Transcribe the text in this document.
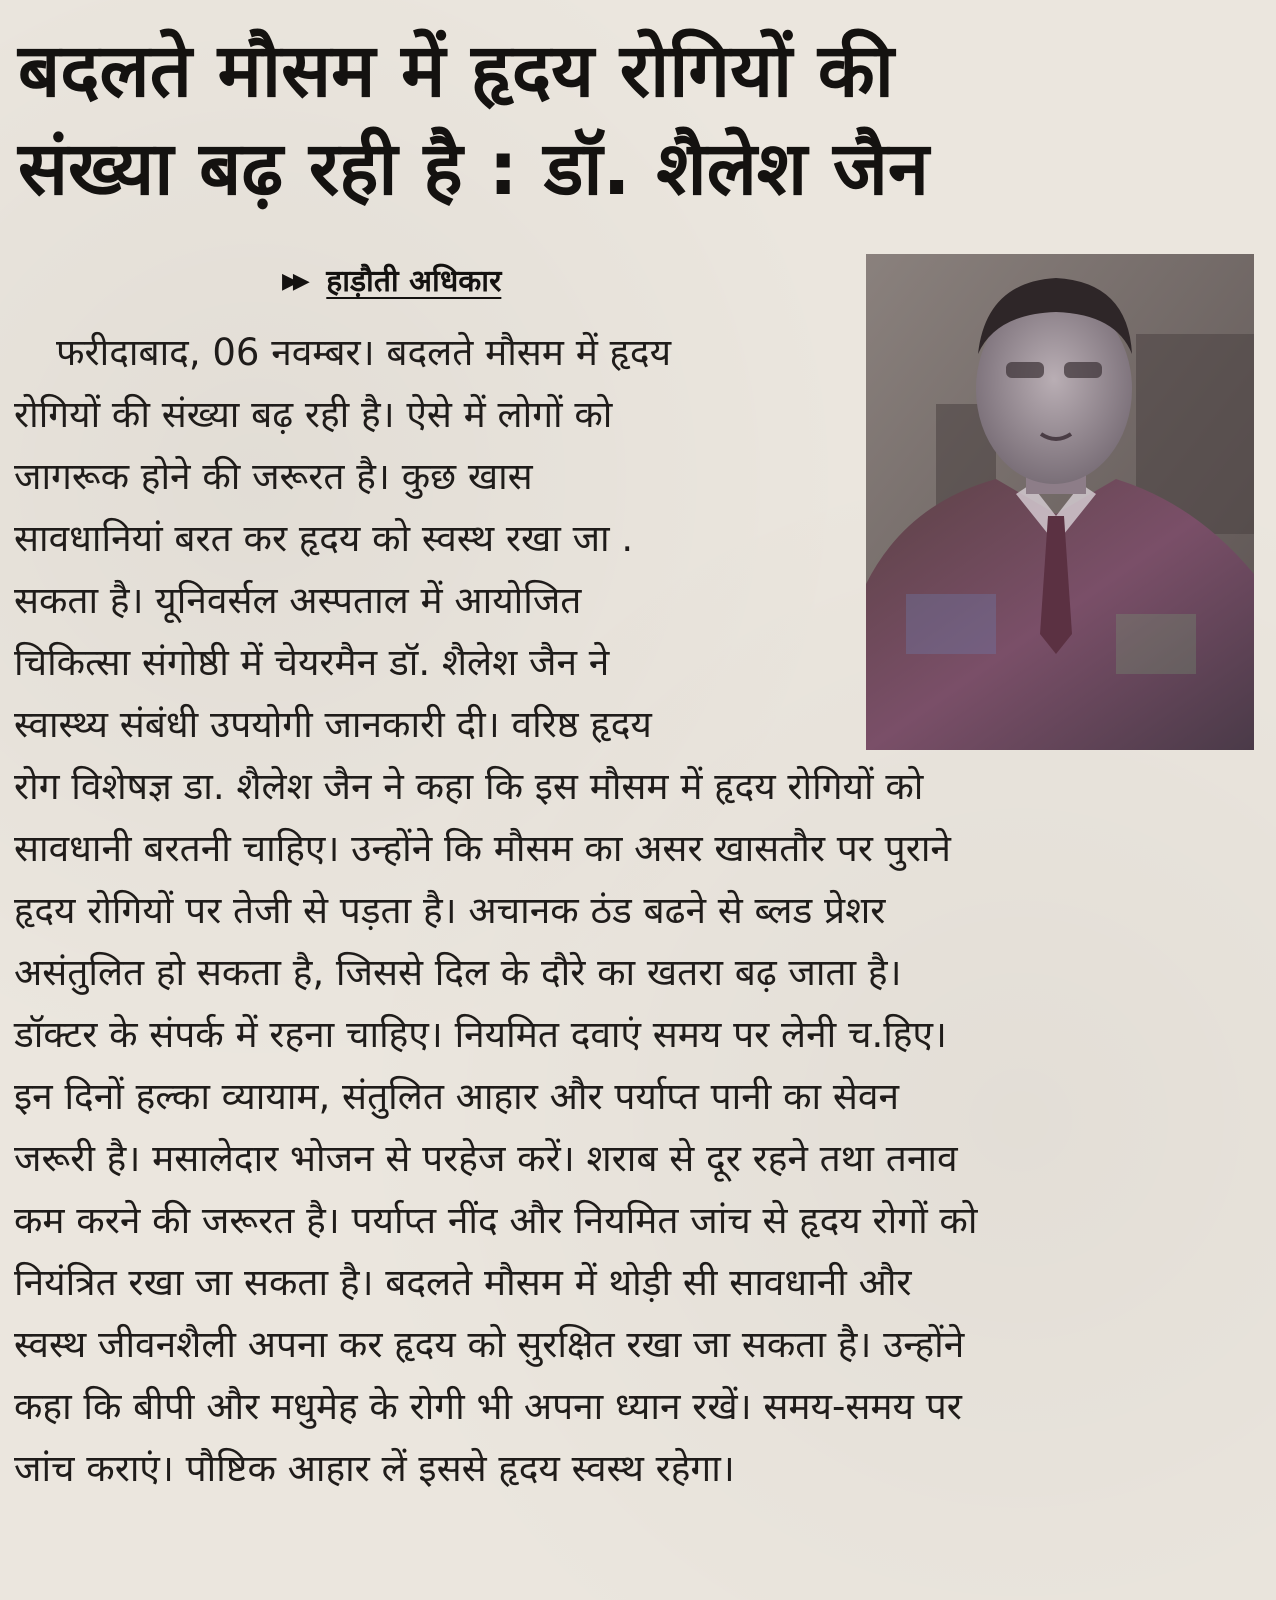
बदलते मौसम में हृदय रोगियों की
संख्या बढ़ रही है : डॉ. शैलेश जैन
▶▶ हाड़ौती अधिकार
फरीदाबाद, 06 नवम्बर। बदलते मौसम में हृदय
रोगियों की संख्या बढ़ रही है। ऐसे में लोगों को
जागरूक होने की जरूरत है। कुछ खास
सावधानियां बरत कर हृदय को स्वस्थ रखा जा .
सकता है। यूनिवर्सल अस्पताल में आयोजित
चिकित्सा संगोष्ठी में चेयरमैन डॉ. शैलेश जैन ने
स्वास्थ्य संबंधी उपयोगी जानकारी दी। वरिष्ठ हृदय
रोग विशेषज्ञ डा. शैलेश जैन ने कहा कि इस मौसम में हृदय रोगियों को
सावधानी बरतनी चाहिए। उन्होंने कि मौसम का असर खासतौर पर पुराने
हृदय रोगियों पर तेजी से पड़ता है। अचानक ठंड बढने से ब्लड प्रेशर
असंतुलित हो सकता है, जिससे दिल के दौरे का खतरा बढ़ जाता है।
डॉक्टर के संपर्क में रहना चाहिए। नियमित दवाएं समय पर लेनी च.हिए।
इन दिनों हल्का व्यायाम, संतुलित आहार और पर्याप्त पानी का सेवन
जरूरी है। मसालेदार भोजन से परहेज करें। शराब से दूर रहने तथा तनाव
कम करने की जरूरत है। पर्याप्त नींद और नियमित जांच से हृदय रोगों को
नियंत्रित रखा जा सकता है। बदलते मौसम में थोड़ी सी सावधानी और
स्वस्थ जीवनशैली अपना कर हृदय को सुरक्षित रखा जा सकता है। उन्होंने
कहा कि बीपी और मधुमेह के रोगी भी अपना ध्यान रखें। समय-समय पर
जांच कराएं। पौष्टिक आहार लें इससे हृदय स्वस्थ रहेगा।
